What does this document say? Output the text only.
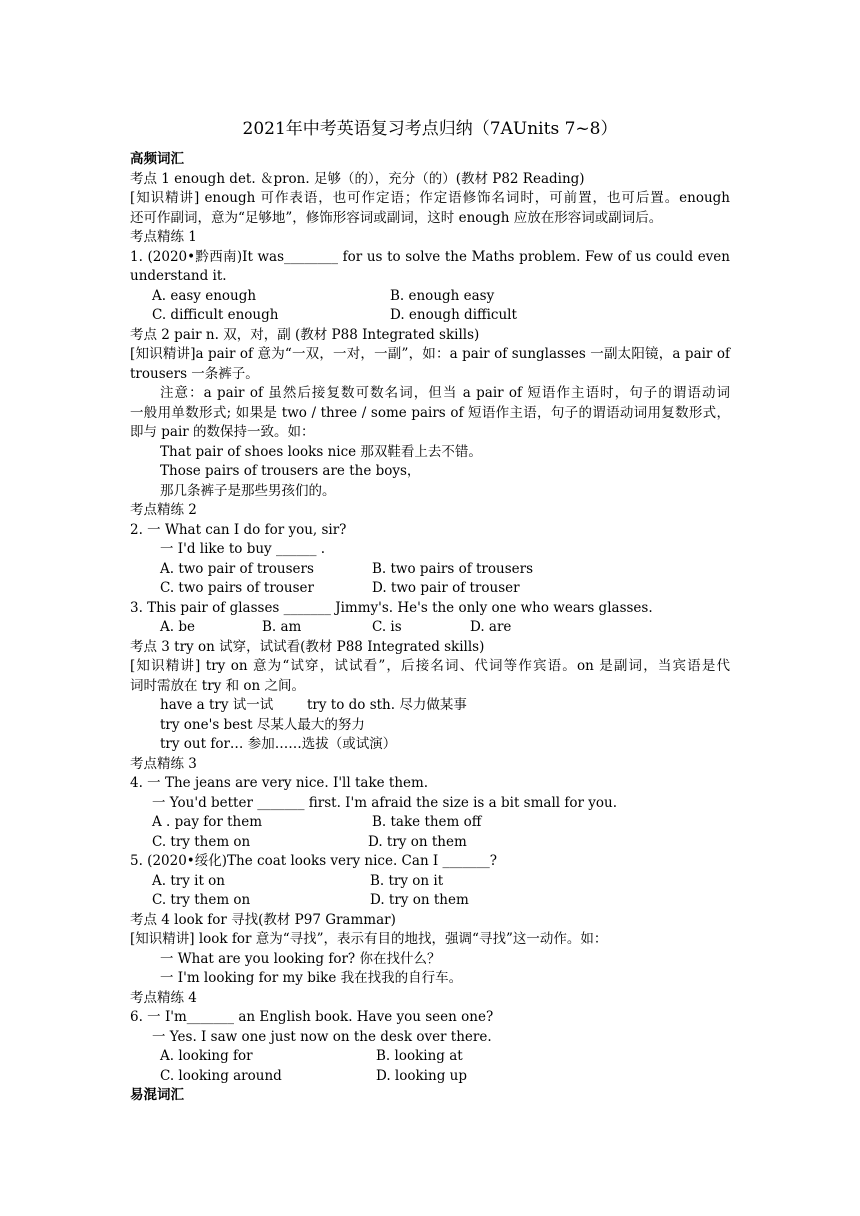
2021年中考英语复习考点归纳（7AUnits 7~8）
高频词汇
考点 1 enough det. ＆pron. 足够（的），充分（的）(教材 P82 Reading)
[知识精讲] enough 可作表语，也可作定语；作定语修饰名词时，可前置，也可后置。enough
还可作副词，意为“足够地”，修饰形容词或副词，这时 enough 应放在形容词或副词后。
考点精练 1
1. (2020•黔西南)It was________ for us to solve the Maths problem. Few of us could even
understand it.
A. easy enough	B. enough easy
C. difficult enough	D. enough difficult
考点 2 pair n. 双，对，副 (教材 P88 Integrated skills)
[知识精讲]a pair of 意为“一双，一对，一副”，如：a pair of sunglasses 一副太阳镜，a pair of
trousers 一条裤子。
注意：a pair of 虽然后接复数可数名词，但当 a pair of 短语作主语时，句子的谓语动词
一般用单数形式; 如果是 two / three / some pairs of 短语作主语，句子的谓语动词用复数形式，
即与 pair 的数保持一致。如：
That pair of shoes looks nice 那双鞋看上去不错。
Those pairs of trousers are the boys，
那几条裤子是那些男孩们的。
考点精练 2
2. 一 What can I do for you, sir?
一 I'd like to buy ______ .
A. two pair of trousers	B. two pairs of trousers
C. two pairs of trouser	D. two pair of trouser
3. This pair of glasses _______ Jimmy's. He's the only one who wears glasses.
A. be	B. am	C. is	D. are
考点 3 try on 试穿，试试看(教材 P88 Integrated skills)
[知识精讲] try on 意为“试穿，试试看”，后接名词、代词等作宾语。on 是副词，当宾语是代
词时需放在 try 和 on 之间。
have a try 试一试 try to do sth. 尽力做某事
try one's best 尽某人最大的努力
try out for… 参加……选拔（或试演）
考点精练 3
4. 一 The jeans are very nice. I'll take them.
一 You'd better _______ first. I'm afraid the size is a bit small for you.
A . pay for them	B. take them off
C. try them on	D. try on them
5. (2020•绥化)The coat looks very nice. Can I _______?
A. try it on	B. try on it
C. try them on	D. try on them
考点 4 look for 寻找(教材 P97 Grammar)
[知识精讲] look for 意为“寻找”，表示有目的地找，强调“寻找”这一动作。如：
一 What are you looking for? 你在找什么？
一 I'm looking for my bike 我在找我的自行车。
考点精练 4
6. 一 I'm_______ an English book. Have you seen one?
一 Yes. I saw one just now on the desk over there.
A. looking for	B. looking at
C. looking around	D. looking up
易混词汇
